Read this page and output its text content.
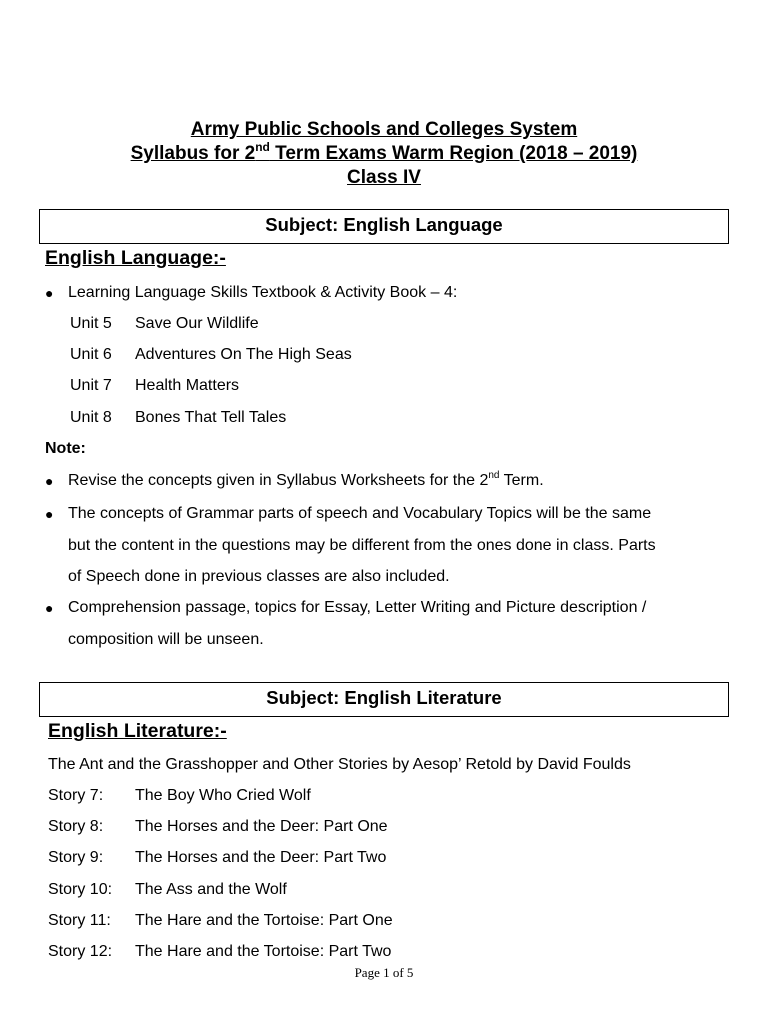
Army Public Schools and Colleges System
Syllabus for 2nd Term Exams Warm Region (2018 – 2019)
Class IV
Subject: English Language
English Language:-
● Learning Language Skills Textbook & Activity Book – 4:
Unit 5 Save Our Wildlife
Unit 6 Adventures On The High Seas
Unit 7 Health Matters
Unit 8 Bones That Tell Tales
Note:
● Revise the concepts given in Syllabus Worksheets for the 2nd Term.
● The concepts of Grammar parts of speech and Vocabulary Topics will be the same
but the content in the questions may be different from the ones done in class. Parts
of Speech done in previous classes are also included.
● Comprehension passage, topics for Essay, Letter Writing and Picture description /
composition will be unseen.
Subject: English Literature
English Literature:-
The Ant and the Grasshopper and Other Stories by Aesop’ Retold by David Foulds
Story 7: The Boy Who Cried Wolf
Story 8: The Horses and the Deer: Part One
Story 9: The Horses and the Deer: Part Two
Story 10: The Ass and the Wolf
Story 11: The Hare and the Tortoise: Part One
Story 12: The Hare and the Tortoise: Part Two
Page 1 of 5
